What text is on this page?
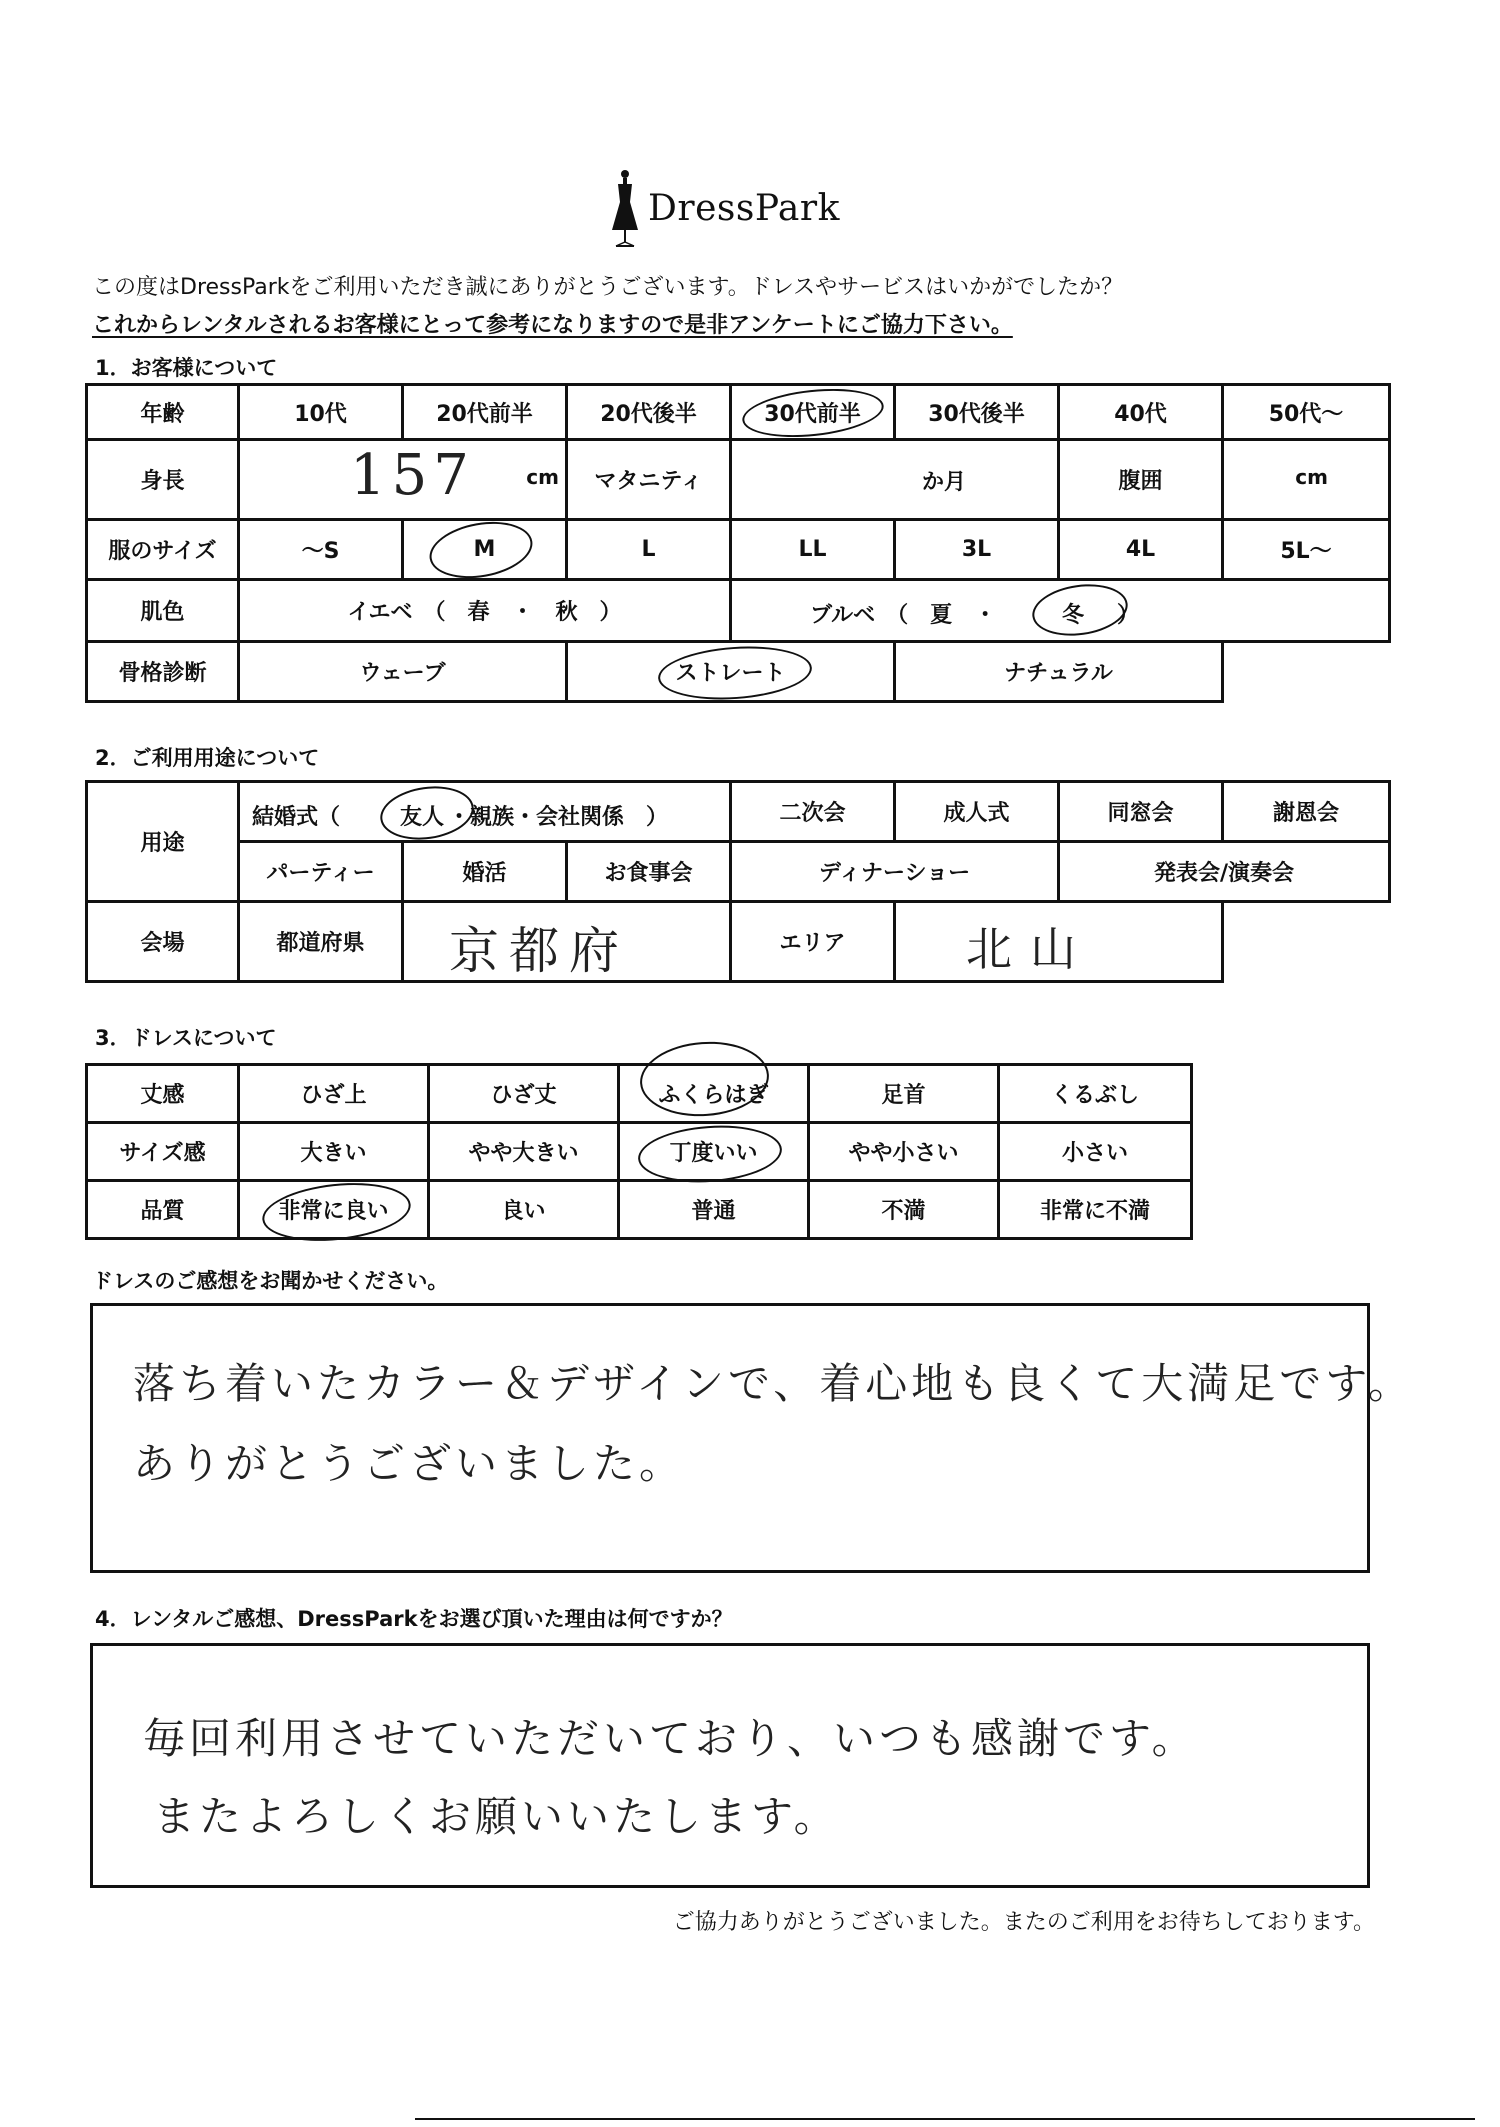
DressPark
この度はDressParkをご利用いただき誠にありがとうございます。ドレスやサービスはいかがでしたか？
これからレンタルされるお客様にとって参考になりますので是非アンケートにご協力下さい。
1．お客様について
年齢	10代	20代前半	20代後半	30代前半	30代後半	40代	50代～
身長	157 cm		マタニティ	か月		腹囲	cm

服のサイズ	～S	M	L	LL	3L	4L	5L～
肌色	イエベ　（　春　・　秋　）			ブルベ　（　夏　・ 冬 ）			

骨格診断	ウェーブ		ストレート		ナチュラル		
2．ご利用用途について
用途	結婚式（ 友人 ・親族・会社関係　）			二次会	成人式	同窓会	謝恩会
	パーティー	婚活	お食事会	ディナーショー		発表会/演奏会	
会場	都道府県	京都府		エリア	北山		

3．ドレスについて
丈感	ひざ上	ひざ丈	ふくらはぎ	足首	くるぶし
サイズ感	大きい	やや大きい	丁度いい	やや小さい	小さい
品質	非常に良い	良い	普通	不満	非常に不満
ドレスのご感想をお聞かせください。
落ち着いたカラー＆デザインで、着心地も良くて大満足です。
ありがとうございました。
4．レンタルご感想、DressParkをお選び頂いた理由は何ですか？
毎回利用させていただいており、いつも感謝です。
またよろしくお願いいたします。
ご協力ありがとうございました。またのご利用をお待ちしております。
